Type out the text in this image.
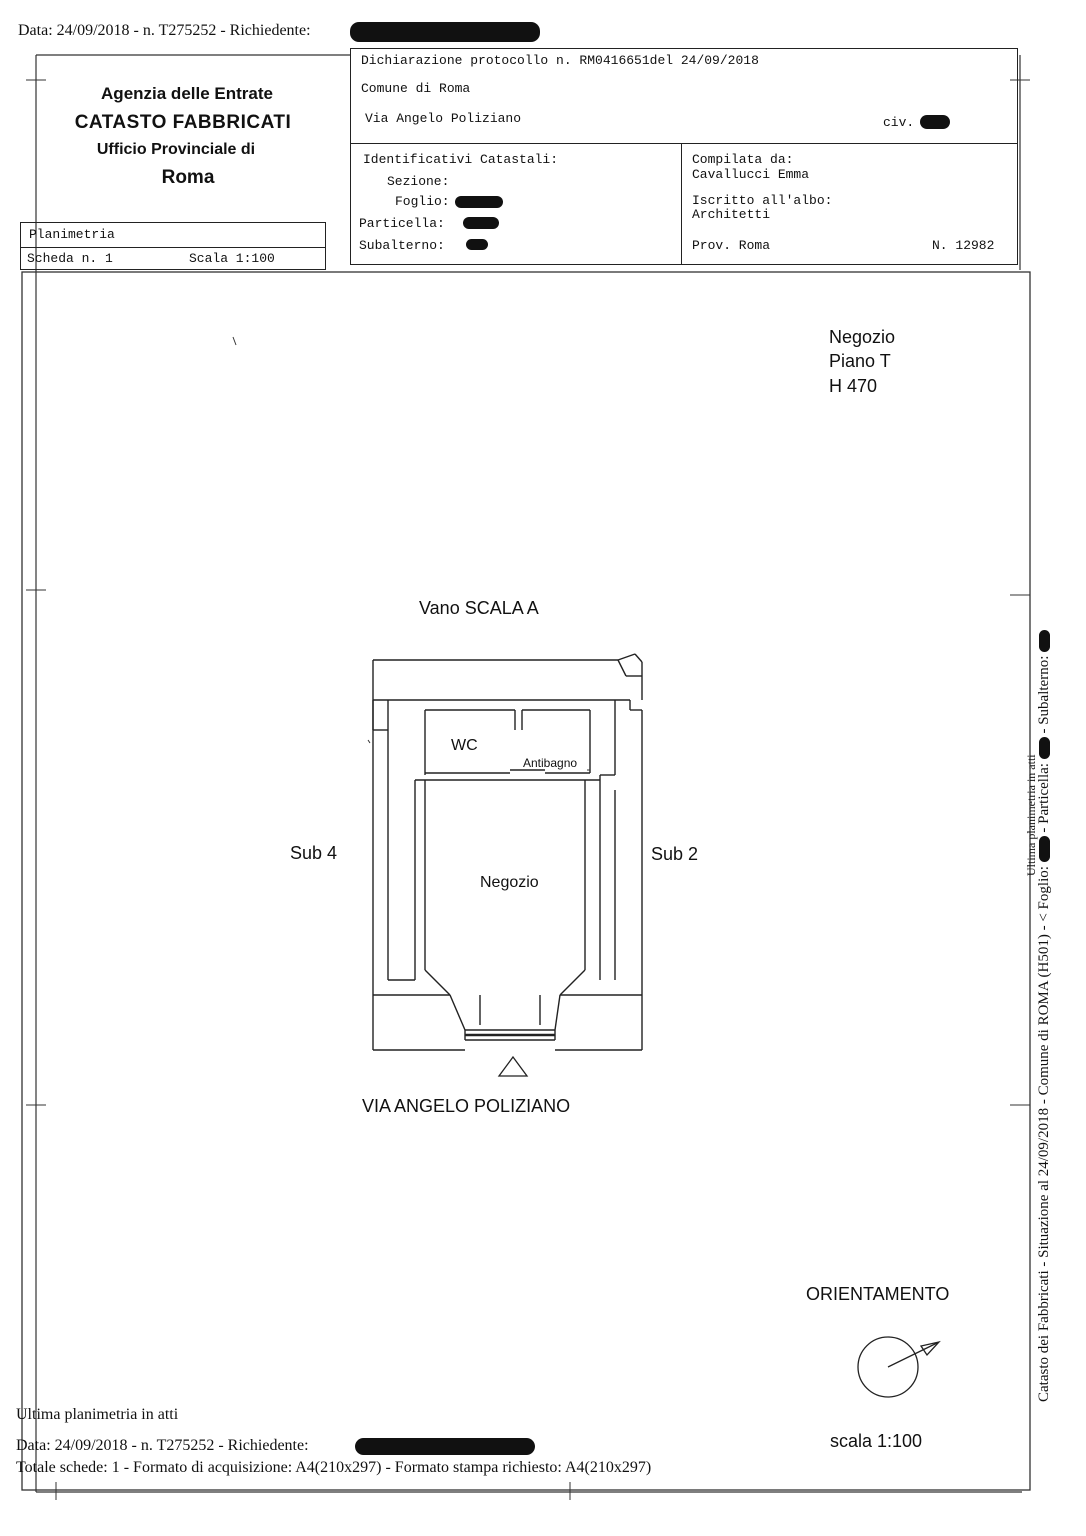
Data: 24/09/2018 - n. T275252 - Richiedente:
Agenzia delle Entrate
CATASTO FABBRICATI
Ufficio Provinciale di
Roma
Planimetria
Scheda n. 1	Scala 1:100
Dichiarazione protocollo n. RM0416651del 24/09/2018
Comune di Roma
Via Angelo Poliziano	civ.
Identificativi Catastali:
Sezione:
Foglio:
Particella:
Subalterno:
Compilata da:
Cavallucci Emma
Iscritto all'albo:
Architetti
Prov. Roma	N. 12982
Negozio
Piano T
H 470
Vano SCALA A
Sub 4	Sub 2
WC
Antibagno
Negozio
VIA ANGELO POLIZIANO
ORIENTAMENTO
scala 1:100
Catasto dei Fabbricati - Situazione al 24/09/2018 - Comune di ROMA (H501) - < Foglio:  - Particella:  - Subalterno:
Ultima planimetria in atti
Ultima planimetria in atti
Data: 24/09/2018 - n. T275252 - Richiedente:
Totale schede: 1 - Formato di acquisizione: A4(210x297) - Formato stampa richiesto: A4(210x297)
